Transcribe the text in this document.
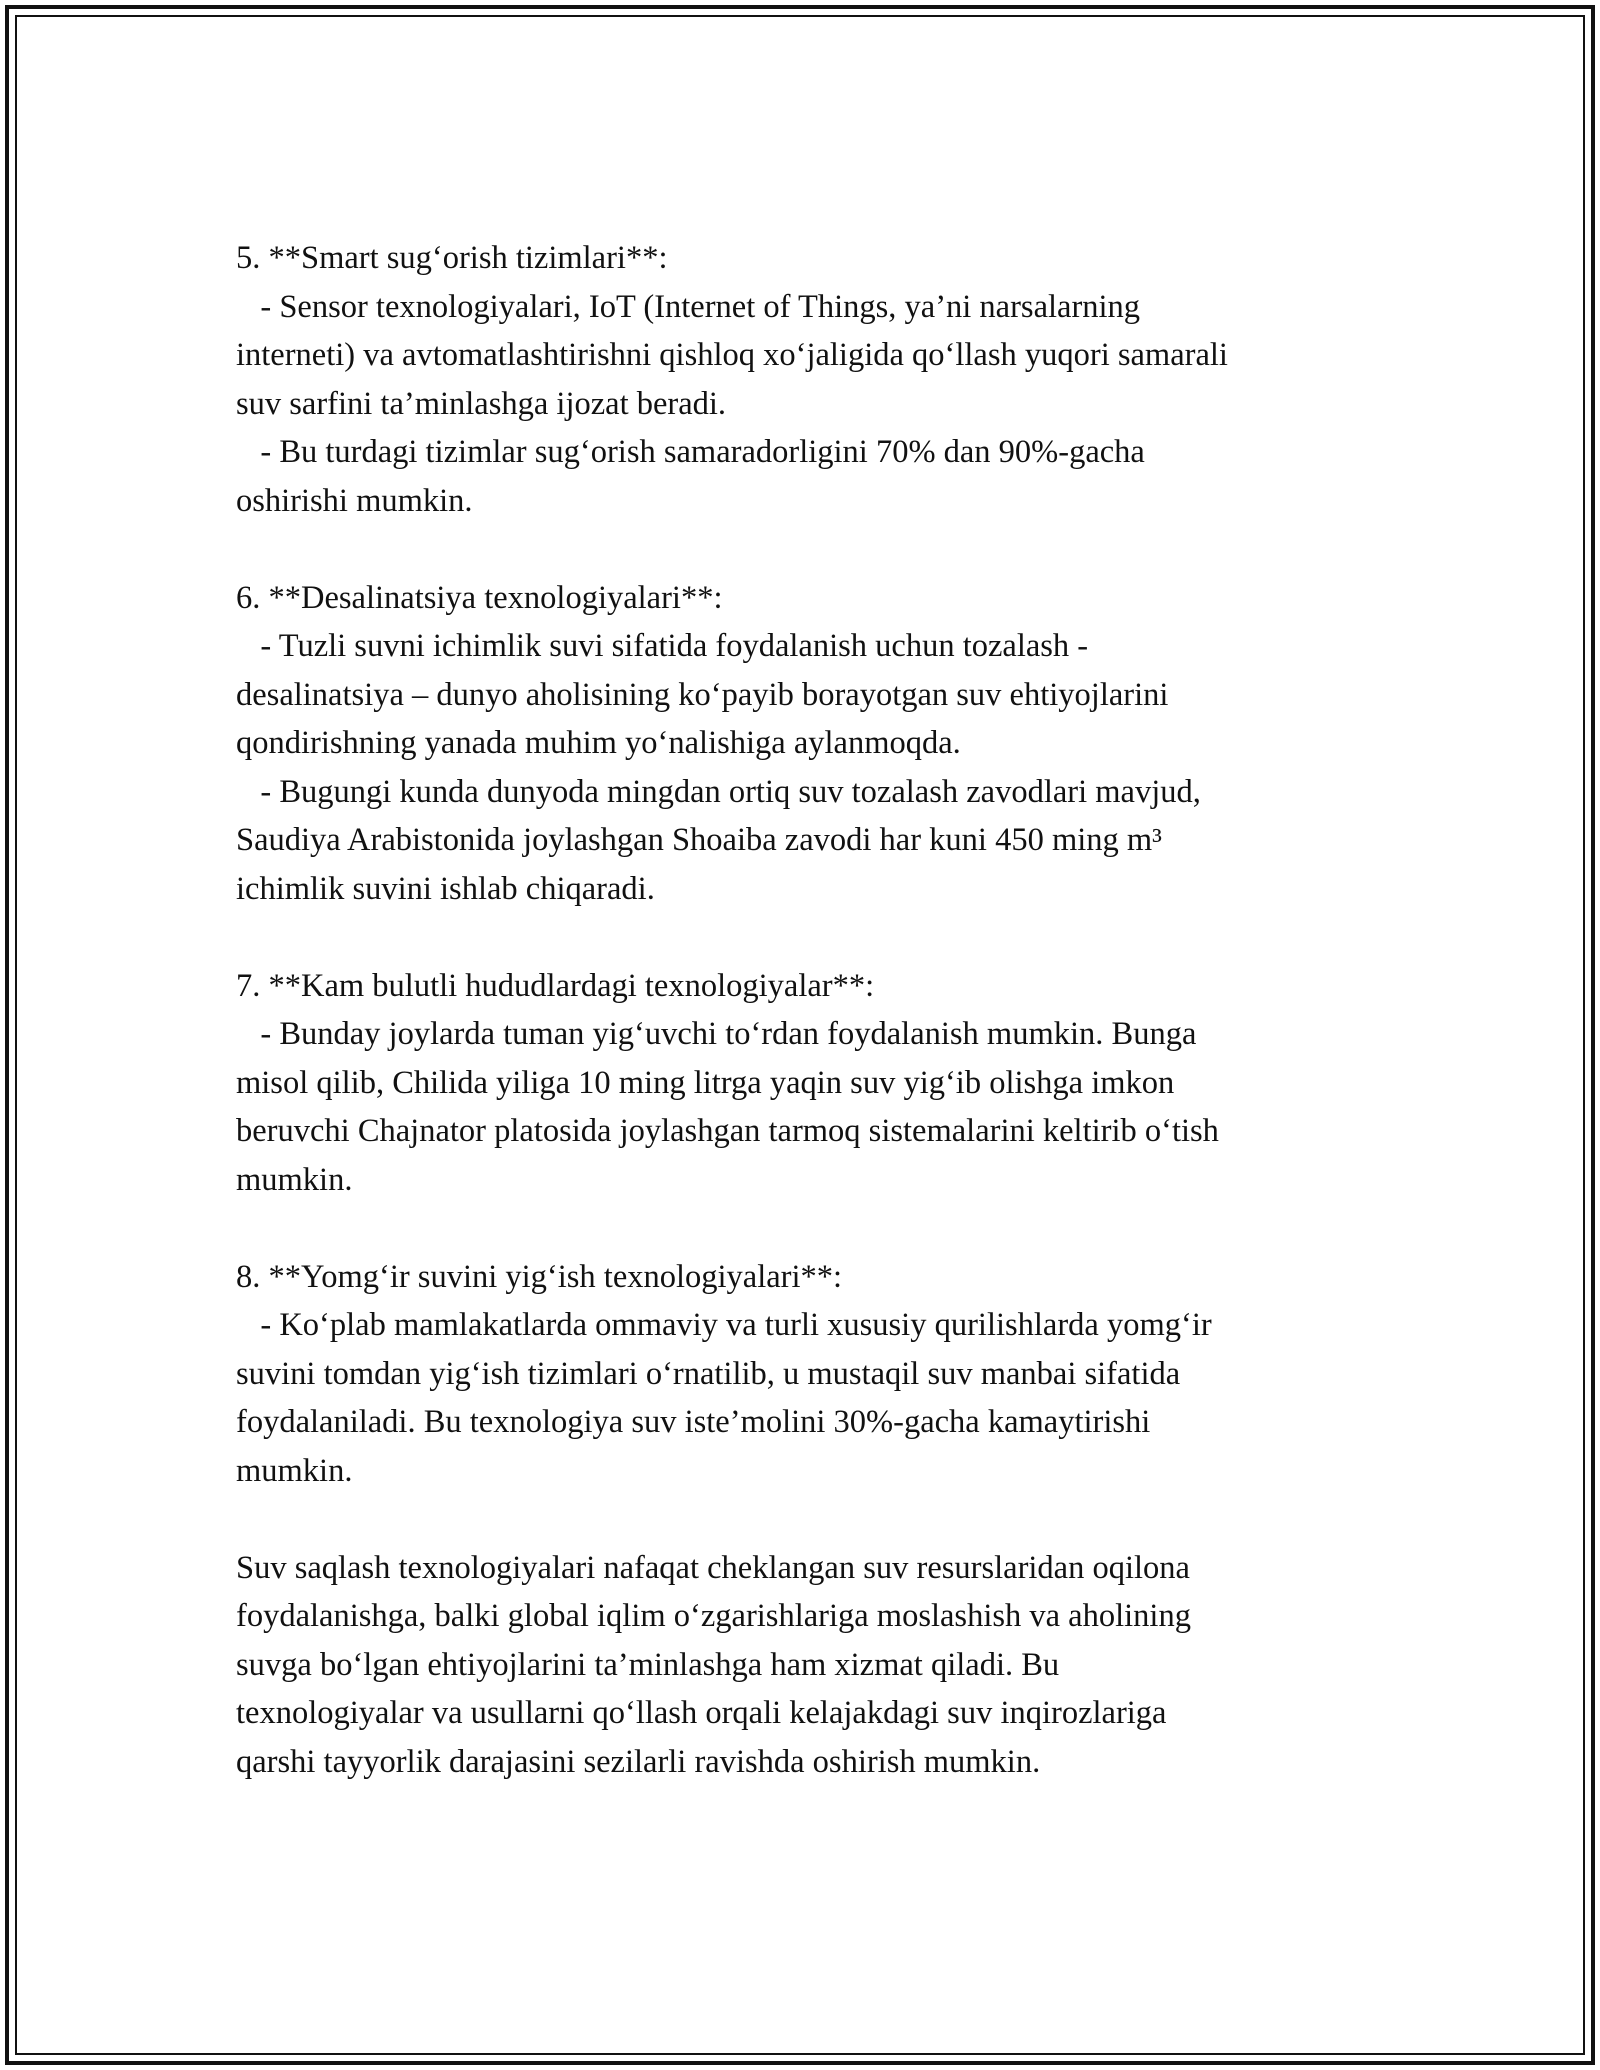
5. **Smart sug‘orish tizimlari**:
- Sensor texnologiyalari, IoT (Internet of Things, ya’ni narsalarning
interneti) va avtomatlashtirishni qishloq xo‘jaligida qo‘llash yuqori samarali
suv sarfini ta’minlashga ijozat beradi.
- Bu turdagi tizimlar sug‘orish samaradorligini 70% dan 90%-gacha
oshirishi mumkin.
6. **Desalinatsiya texnologiyalari**:
- Tuzli suvni ichimlik suvi sifatida foydalanish uchun tozalash -
desalinatsiya – dunyo aholisining ko‘payib borayotgan suv ehtiyojlarini
qondirishning yanada muhim yo‘nalishiga aylanmoqda.
- Bugungi kunda dunyoda mingdan ortiq suv tozalash zavodlari mavjud,
Saudiya Arabistonida joylashgan Shoaiba zavodi har kuni 450 ming m³
ichimlik suvini ishlab chiqaradi.
7. **Kam bulutli hududlardagi texnologiyalar**:
- Bunday joylarda tuman yig‘uvchi to‘rdan foydalanish mumkin. Bunga
misol qilib, Chilida yiliga 10 ming litrga yaqin suv yig‘ib olishga imkon
beruvchi Chajnator platosida joylashgan tarmoq sistemalarini keltirib o‘tish
mumkin.
8. **Yomg‘ir suvini yig‘ish texnologiyalari**:
- Ko‘plab mamlakatlarda ommaviy va turli xususiy qurilishlarda yomg‘ir
suvini tomdan yig‘ish tizimlari o‘rnatilib, u mustaqil suv manbai sifatida
foydalaniladi. Bu texnologiya suv iste’molini 30%-gacha kamaytirishi
mumkin.
Suv saqlash texnologiyalari nafaqat cheklangan suv resurslaridan oqilona
foydalanishga, balki global iqlim o‘zgarishlariga moslashish va aholining
suvga bo‘lgan ehtiyojlarini ta’minlashga ham xizmat qiladi. Bu
texnologiyalar va usullarni qo‘llash orqali kelajakdagi suv inqirozlariga
qarshi tayyorlik darajasini sezilarli ravishda oshirish mumkin.
